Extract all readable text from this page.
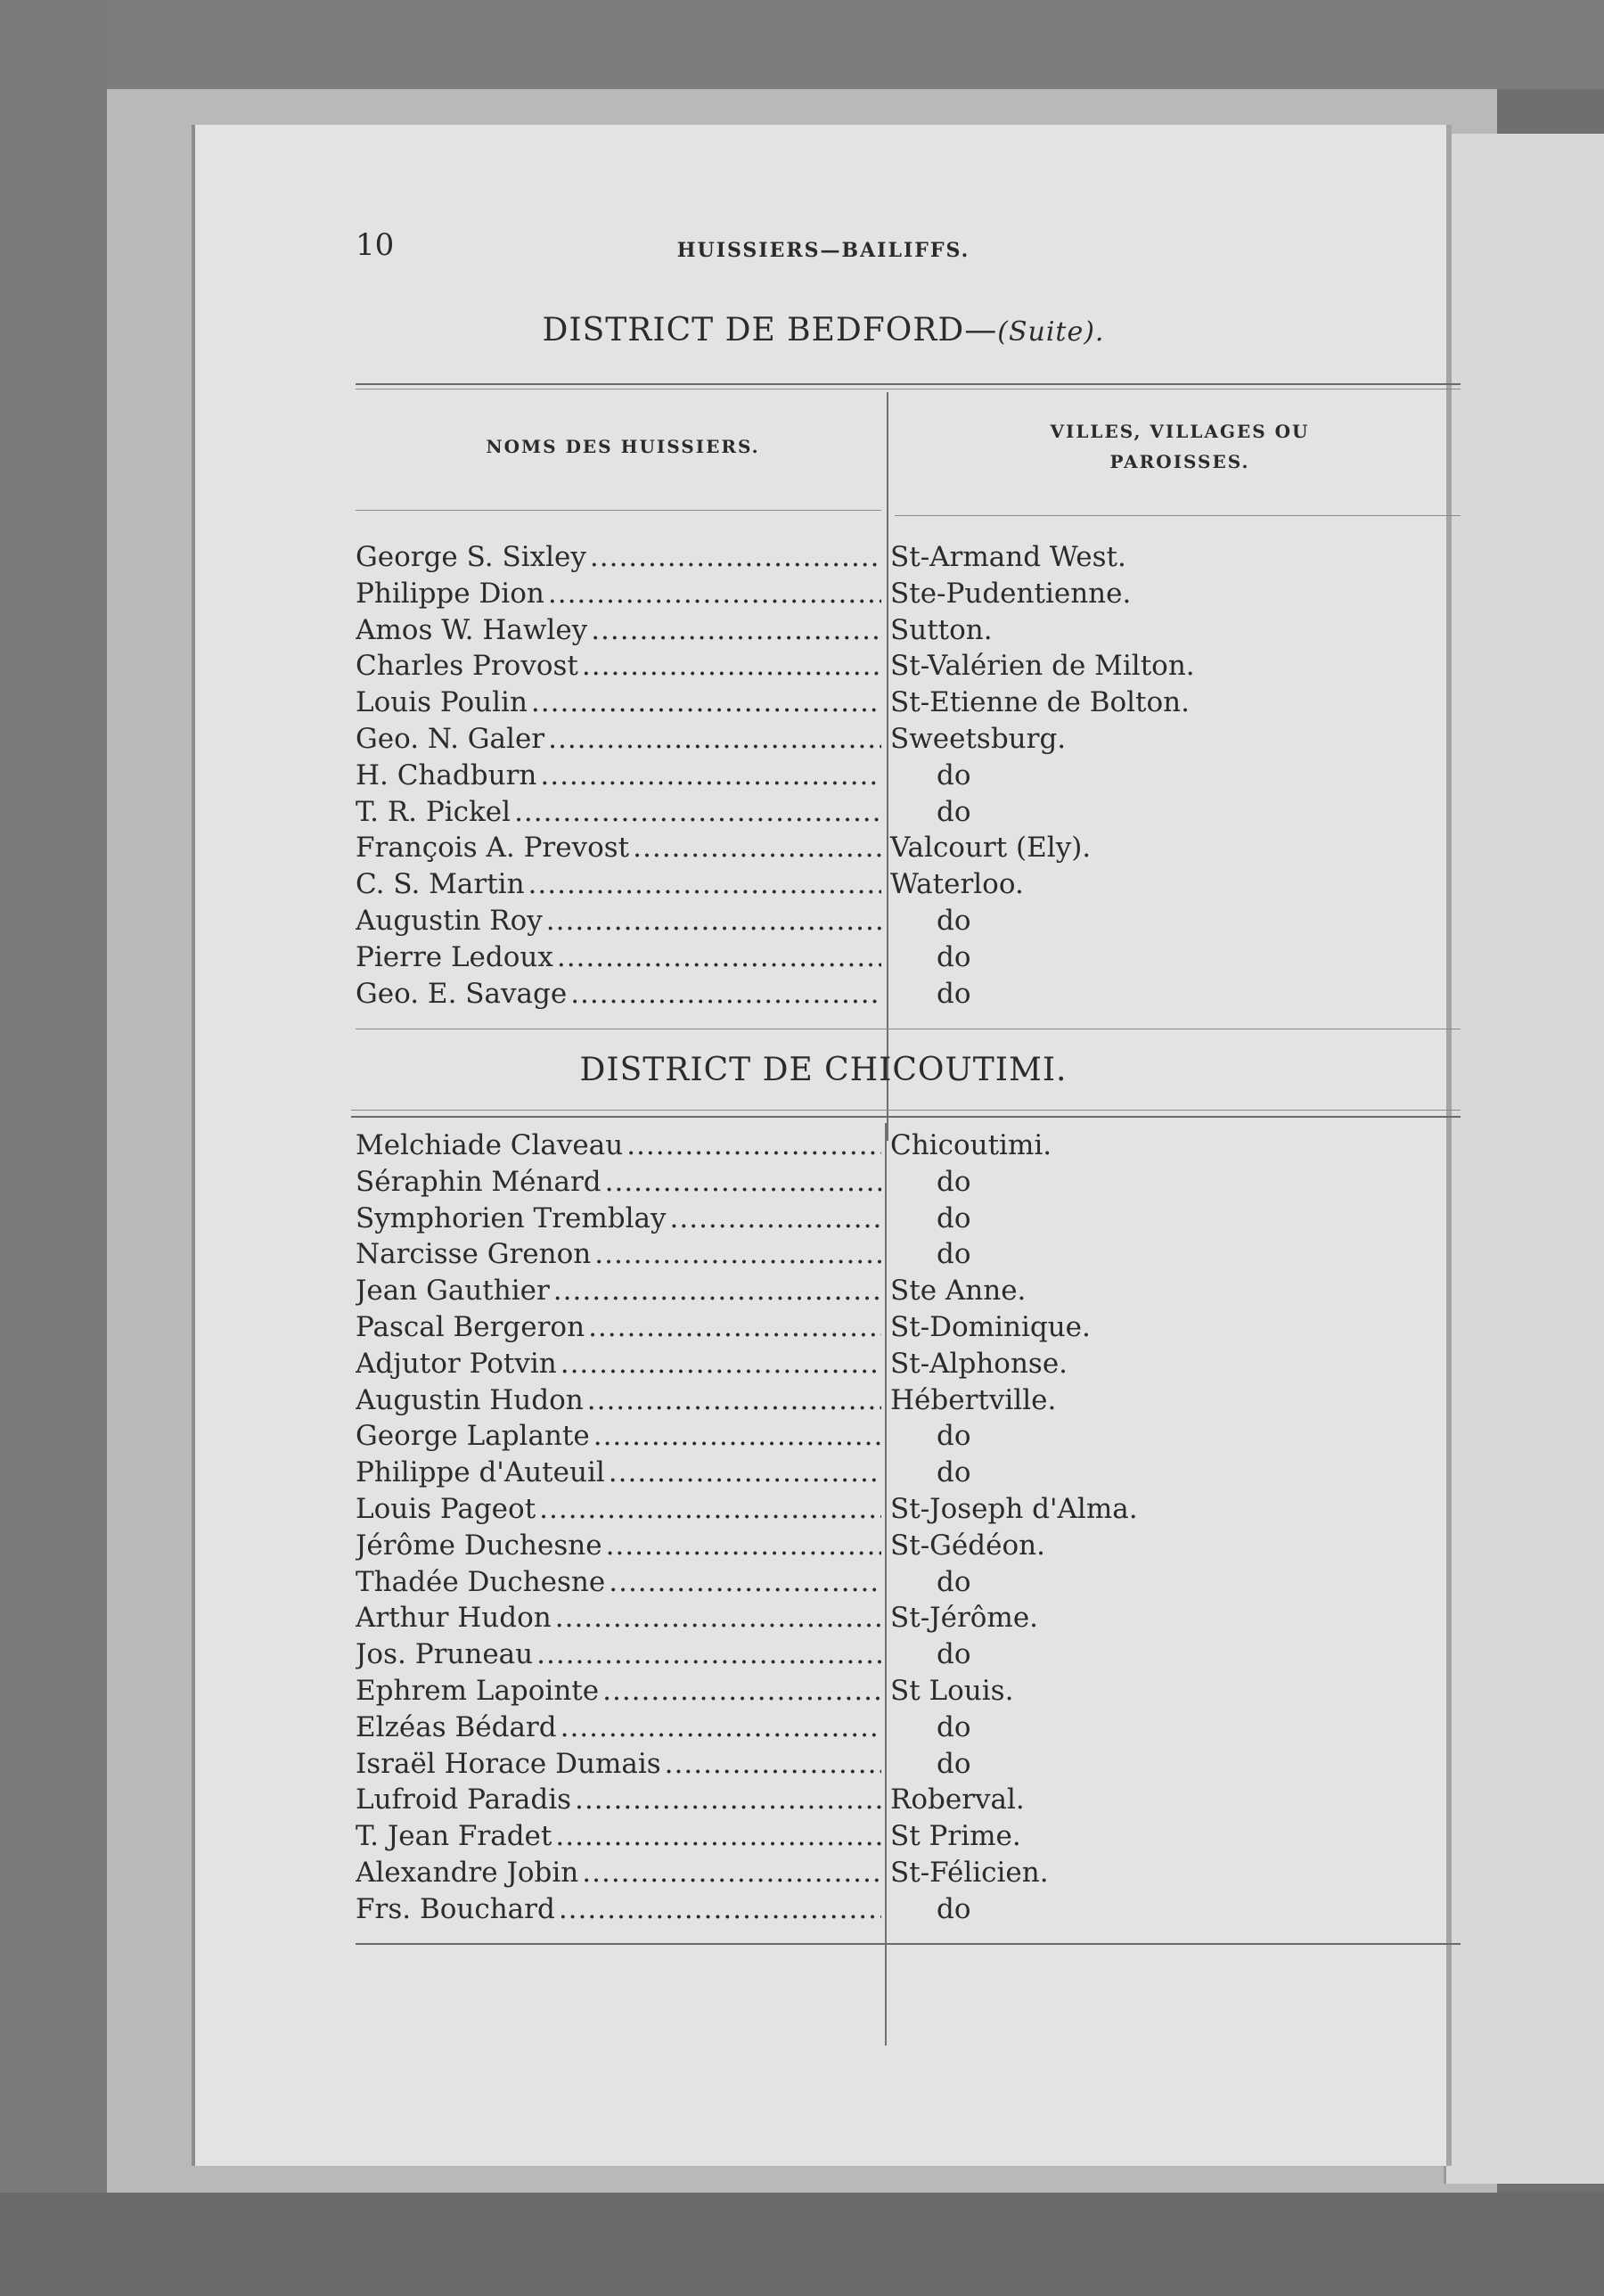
10	HUISSIERS—BAILIFFS.
DISTRICT DE BEDFORD—(Suite).
NOMS DES HUISSIERS.
VILLES, VILLAGES OU
PAROISSES.
George S. Sixley .....	St-Armand West.
Philippe Dion .....	Ste-Pudentienne.
Amos W. Hawley .....	Sutton.
Charles Provost .....	St-Valérien de Milton.
Louis Poulin .....	St-Etienne de Bolton.
Geo. N. Galer .....	Sweetsburg.
H. Chadburn .....	do
T. R. Pickel .....	do
François A. Prevost .....	Valcourt (Ely).
C. S. Martin .....	Waterloo.
Augustin Roy .....	do
Pierre Ledoux .....	do
Geo. E. Savage .....	do
DISTRICT DE CHICOUTIMI.
Melchiade Claveau .....	Chicoutimi.
Séraphin Ménard .....	do
Symphorien Tremblay .....	do
Narcisse Grenon .....	do
Jean Gauthier .....	Ste Anne.
Pascal Bergeron .....	St-Dominique.
Adjutor Potvin .....	St-Alphonse.
Augustin Hudon .....	Hébertville.
George Laplante .....	do
Philippe d'Auteuil .....	do
Louis Pageot .....	St-Joseph d'Alma.
Jérôme Duchesne .....	St-Gédéon.
Thadée Duchesne .....	do
Arthur Hudon .....	St-Jérôme.
Jos. Pruneau .....	do
Ephrem Lapointe .....	St Louis.
Elzéas Bédard .....	do
Israël Horace Dumais .....	do
Lufroid Paradis .....	Roberval.
T. Jean Fradet .....	St Prime.
Alexandre Jobin .....	St-Félicien.
Frs. Bouchard .....	do
